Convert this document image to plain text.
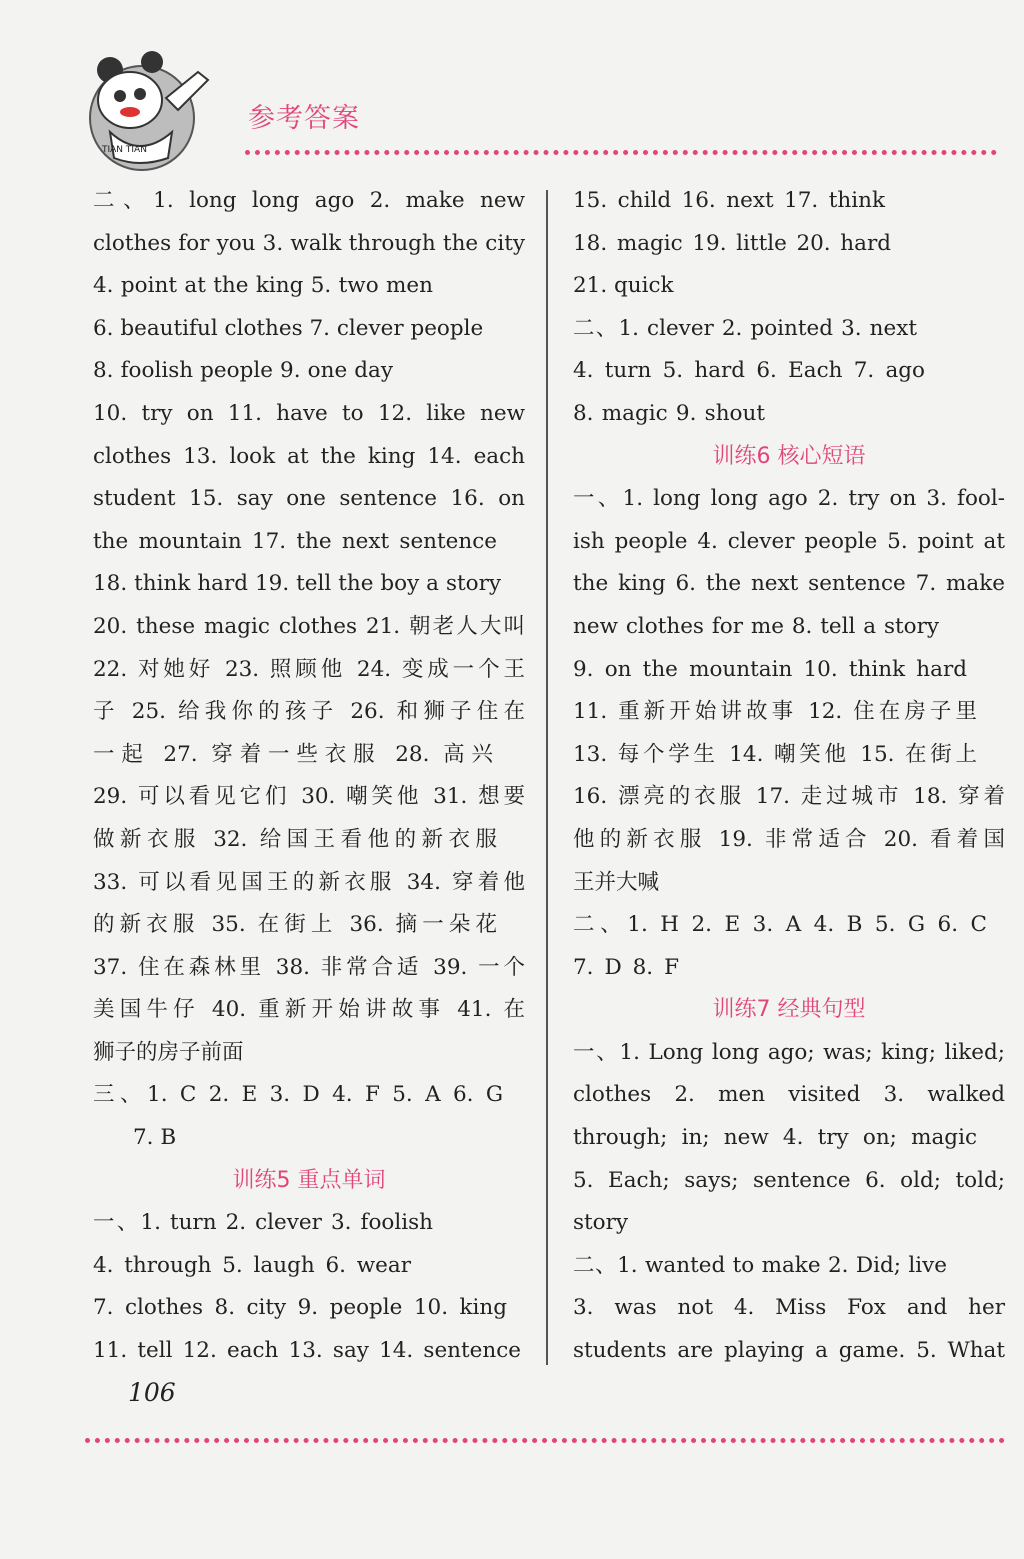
TIAN TIAN
参考答案
二、1. long long ago 2. make new
clothes for you 3. walk through the city
4. point at the king 5. two men
6. beautiful clothes 7. clever people
8. foolish people 9. one day
10. try on 11. have to 12. like new
clothes 13. look at the king 14. each
student 15. say one sentence 16. on
the mountain 17. the next sentence
18. think hard 19. tell the boy a story
20. these magic clothes 21. 朝老人大叫
22. 对她好 23. 照顾他 24. 变成一个王
子 25. 给我你的孩子 26. 和狮子住在
一起 27. 穿着一些衣服 28. 高兴
29. 可以看见它们 30. 嘲笑他 31. 想要
做新衣服 32. 给国王看他的新衣服
33. 可以看见国王的新衣服 34. 穿着他
的新衣服 35. 在街上 36. 摘一朵花
37. 住在森林里 38. 非常合适 39. 一个
美国牛仔 40. 重新开始讲故事 41. 在
狮子的房子前面
三、1. C 2. E 3. D 4. F 5. A 6. G
7. B
训练5 重点单词
一、1. turn 2. clever 3. foolish
4. through 5. laugh 6. wear
7. clothes 8. city 9. people 10. king
11. tell 12. each 13. say 14. sentence
15. child 16. next 17. think
18. magic 19. little 20. hard
21. quick
二、1. clever 2. pointed 3. next
4. turn 5. hard 6. Each 7. ago
8. magic 9. shout
训练6 核心短语
一、1. long long ago 2. try on 3. fool-
ish people 4. clever people 5. point at
the king 6. the next sentence 7. make
new clothes for me 8. tell a story
9. on the mountain 10. think hard
11. 重新开始讲故事 12. 住在房子里
13. 每个学生 14. 嘲笑他 15. 在街上
16. 漂亮的衣服 17. 走过城市 18. 穿着
他的新衣服 19. 非常适合 20. 看着国
王并大喊
二、1. H 2. E 3. A 4. B 5. G 6. C
7. D 8. F
训练7 经典句型
一、1. Long long ago; was; king; liked;
clothes 2. men visited 3. walked
through; in; new 4. try on; magic
5. Each; says; sentence 6. old; told;
story
二、1. wanted to make 2. Did; live
3. was not 4. Miss Fox and her
students are playing a game. 5. What
106
